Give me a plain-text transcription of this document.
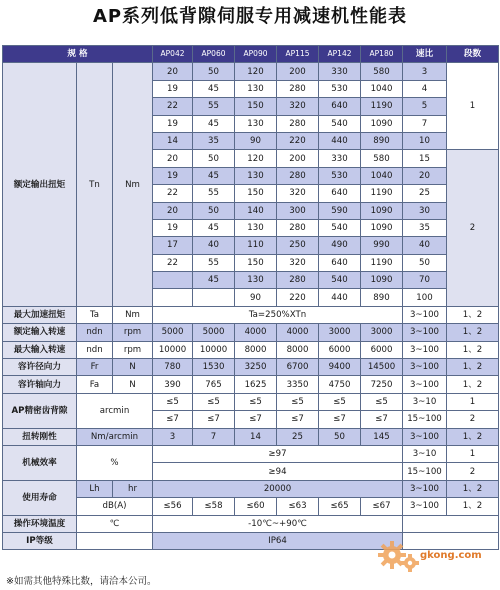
AP系列低背隙伺服专用减速机性能表
规 格			AP042	AP060	AP090	AP115	AP142	AP180	速比	段数
额定输出扭矩	Tn	Nm	20	50	120	200	330	580	3	1
			19	45	130	280	530	1040	4	
			22	55	150	320	640	1190	5	
			19	45	130	280	540	1090	7	
			14	35	90	220	440	890	10	
			20	50	120	200	330	580	15	2
			19	45	130	280	530	1040	20	
			22	55	150	320	640	1190	25	
			20	50	140	300	590	1090	30	
			19	45	130	280	540	1090	35	
			17	40	110	250	490	990	40	
			22	55	150	320	640	1190	50	
				45	130	280	540	1090	70	
					90	220	440	890	100	
最大加速扭矩	Ta	Nm	Ta=250%XTn						3~100	1、2
额定输入转速	ndn	rpm	5000	5000	4000	4000	3000	3000	3~100	1、2
最大输入转速	ndn	rpm	10000	10000	8000	8000	6000	6000	3~100	1、2
容许径向力	Fr	N	780	1530	3250	6700	9400	14500	3~100	1、2
容许轴向力	Fa	N	390	765	1625	3350	4750	7250	3~100	1、2
AP精密齿背隙	arcmin		≤5	≤5	≤5	≤5	≤5	≤5	3~10	1
			≤7	≤7	≤7	≤7	≤7	≤7	15~100	2
扭转刚性	Nm/arcmin		3	7	14	25	50	145	3~100	1、2
机械效率	%		≥97						3~10	1
			≥94						15~100	2
使用寿命	Lh	hr	20000						3~100	1、2
	dB(A)		≤56	≤58	≤60	≤63	≤65	≤67	3~100	1、2
操作环境温度	℃		-10℃~+90℃							
IP等级			IP64							
gkong.com
※如需其他特殊比数，请洽本公司。
